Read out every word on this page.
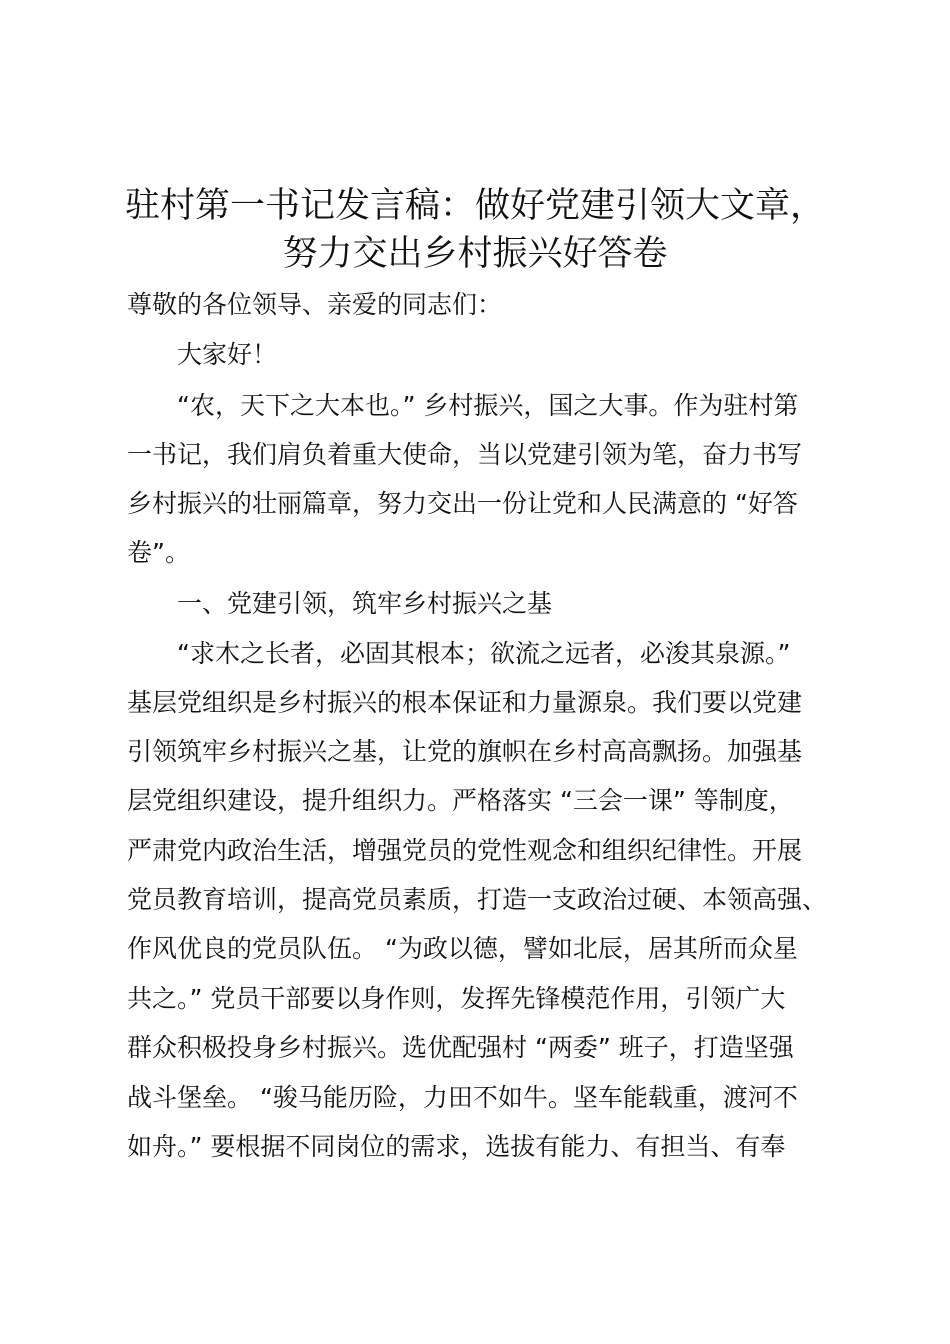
驻村第一书记发言稿：做好党建引领大文章，
努力交出乡村振兴好答卷

尊敬的各位领导、亲爱的同志们：

大家好！

“农，天下之大本也。” 乡村振兴，国之大事。作为驻村第

一书记，我们肩负着重大使命，当以党建引领为笔，奋力书写

乡村振兴的壮丽篇章，努力交出一份让党和人民满意的 “好答

卷”。

一、党建引领，筑牢乡村振兴之基

“求木之长者，必固其根本；欲流之远者，必浚其泉源。”

基层党组织是乡村振兴的根本保证和力量源泉。我们要以党建

引领筑牢乡村振兴之基，让党的旗帜在乡村高高飘扬。加强基

层党组织建设，提升组织力。严格落实 “三会一课” 等制度，

严肃党内政治生活，增强党员的党性观念和组织纪律性。开展

党员教育培训，提高党员素质，打造一支政治过硬、本领高强、

作风优良的党员队伍。 “为政以德，譬如北辰，居其所而众星

共之。” 党员干部要以身作则，发挥先锋模范作用，引领广大

群众积极投身乡村振兴。选优配强村 “两委” 班子，打造坚强

战斗堡垒。 “骏马能历险，力田不如牛。坚车能载重，渡河不

如舟。” 要根据不同岗位的需求，选拔有能力、有担当、有奉
